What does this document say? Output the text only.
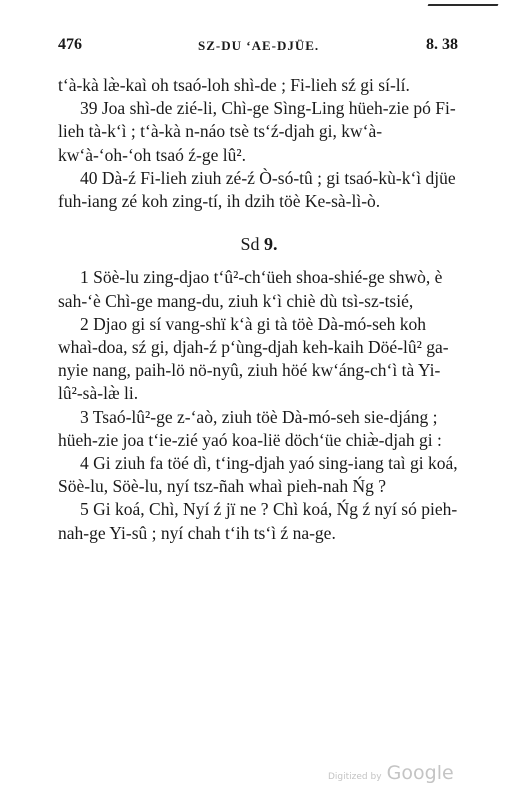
476	SZ-DU ʻAE-DJÜE.	8. 38

t‘à-kà læ̀-kaì oh tsaó-loh shì-de ; Fi-lieh sź gi sí-lí.

39 Joa shì-de zié-li, Chì-ge Sìng-Ling hüeh-zie pó Fi-lieh tà-k‘ì ; t‘à-kà n-náo tsè ts‘ź-djah gi, kw‘à-kw‘à-‘oh-‘oh tsaó ź-ge lû².

40 Dà-ź Fi-lieh ziuh zé-ź Ò-só-tû ; gi tsaó-kù-k‘ì djüe fuh-iang zé koh zing-tí, ih dzih töè Ke-sà-lì-ò.

Sd 9.

1 Söè-lu zing-djao t‘û²-ch‘üeh shoa-shié-ge shwò, è sah-‘è Chì-ge mang-du, ziuh k‘ì chiè dù tsì-sz-tsié,

2 Djao gi sí vang-shï k‘à gi tà töè Dà-mó-seh koh whaì-doa, sź gi, djah-ź p‘ùng-djah keh-kaih Döé-lû² ga-nyie nang, paih-lö nö-nyû, ziuh höé kw‘áng-ch‘ì tà Yi-lû²-sà-læ̀ li.

3 Tsaó-lû²-ge z-‘aò, ziuh töè Dà-mó-seh sie-djáng ; hüeh-zie joa t‘ie-zié yaó koa-lië döch‘üe chiæ̀-djah gi :

4 Gi ziuh fa töé dì, t‘ing-djah yaó sing-iang taì gi koá, Söè-lu, Söè-lu, nyí tsz-ñah whaì pieh-nah Ńg ?

5 Gi koá, Chì, Nyí ź jï ne ? Chì koá, Ńg ź nyí só pieh-nah-ge Yi-sû ; nyí chah t‘ih ts‘ì ź na-ge.

Digitized by Google
